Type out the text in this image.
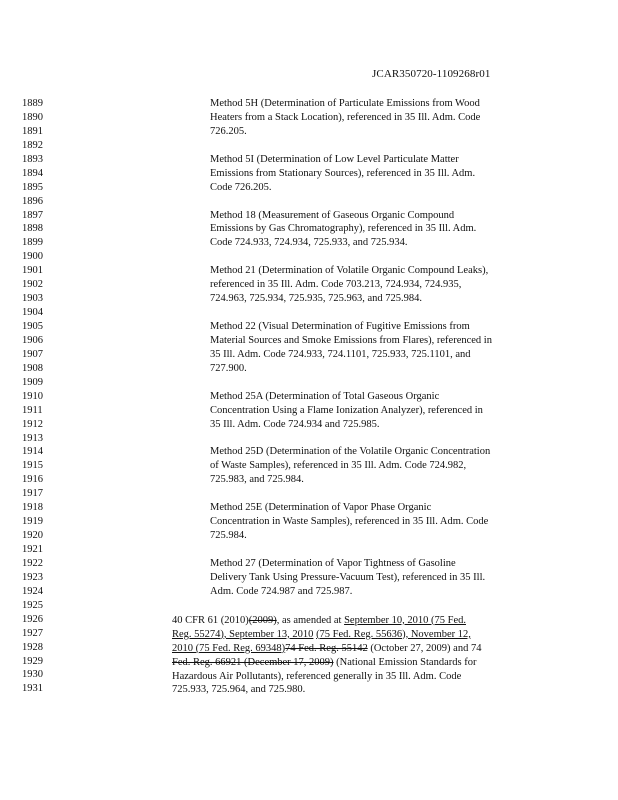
JCAR350720-1109268r01
1889
1890
1891
1892
1893
1894
1895
1896
1897
1898
1899
1900
1901
1902
1903
1904
1905
1906
1907
1908
1909
1910
1911
1912
1913
1914
1915
1916
1917
1918
1919
1920
1921
1922
1923
1924
1925
1926
1927
1928
1929
1930
1931
Method 5H (Determination of Particulate Emissions from Wood
Heaters from a Stack Location), referenced in 35 Ill. Adm. Code
726.205.
Method 5I (Determination of Low Level Particulate Matter
Emissions from Stationary Sources), referenced in 35 Ill. Adm.
Code 726.205.
Method 18 (Measurement of Gaseous Organic Compound
Emissions by Gas Chromatography), referenced in 35 Ill. Adm.
Code 724.933, 724.934, 725.933, and 725.934.
Method 21 (Determination of Volatile Organic Compound Leaks),
referenced in 35 Ill. Adm. Code 703.213, 724.934, 724.935,
724.963, 725.934, 725.935, 725.963, and 725.984.
Method 22 (Visual Determination of Fugitive Emissions from
Material Sources and Smoke Emissions from Flares), referenced in
35 Ill. Adm. Code 724.933, 724.1101, 725.933, 725.1101, and
727.900.
Method 25A (Determination of Total Gaseous Organic
Concentration Using a Flame Ionization Analyzer), referenced in
35 Ill. Adm. Code 724.934 and 725.985.
Method 25D (Determination of the Volatile Organic Concentration
of Waste Samples), referenced in 35 Ill. Adm. Code 724.982,
725.983, and 725.984.
Method 25E (Determination of Vapor Phase Organic
Concentration in Waste Samples), referenced in 35 Ill. Adm. Code
725.984.
Method 27 (Determination of Vapor Tightness of Gasoline
Delivery Tank Using Pressure-Vacuum Test), referenced in 35 Ill.
Adm. Code 724.987 and 725.987.
40 CFR 61 (2010)(2009), as amended at September 10, 2010 (75 Fed.
Reg. 55274), September 13, 2010 (75 Fed. Reg. 55636), November 12,
2010 (75 Fed. Reg. 69348)74 Fed. Reg. 55142 (October 27, 2009) and 74
Fed. Reg. 66921 (December 17, 2009) (National Emission Standards for
Hazardous Air Pollutants), referenced generally in 35 Ill. Adm. Code
725.933, 725.964, and 725.980.
